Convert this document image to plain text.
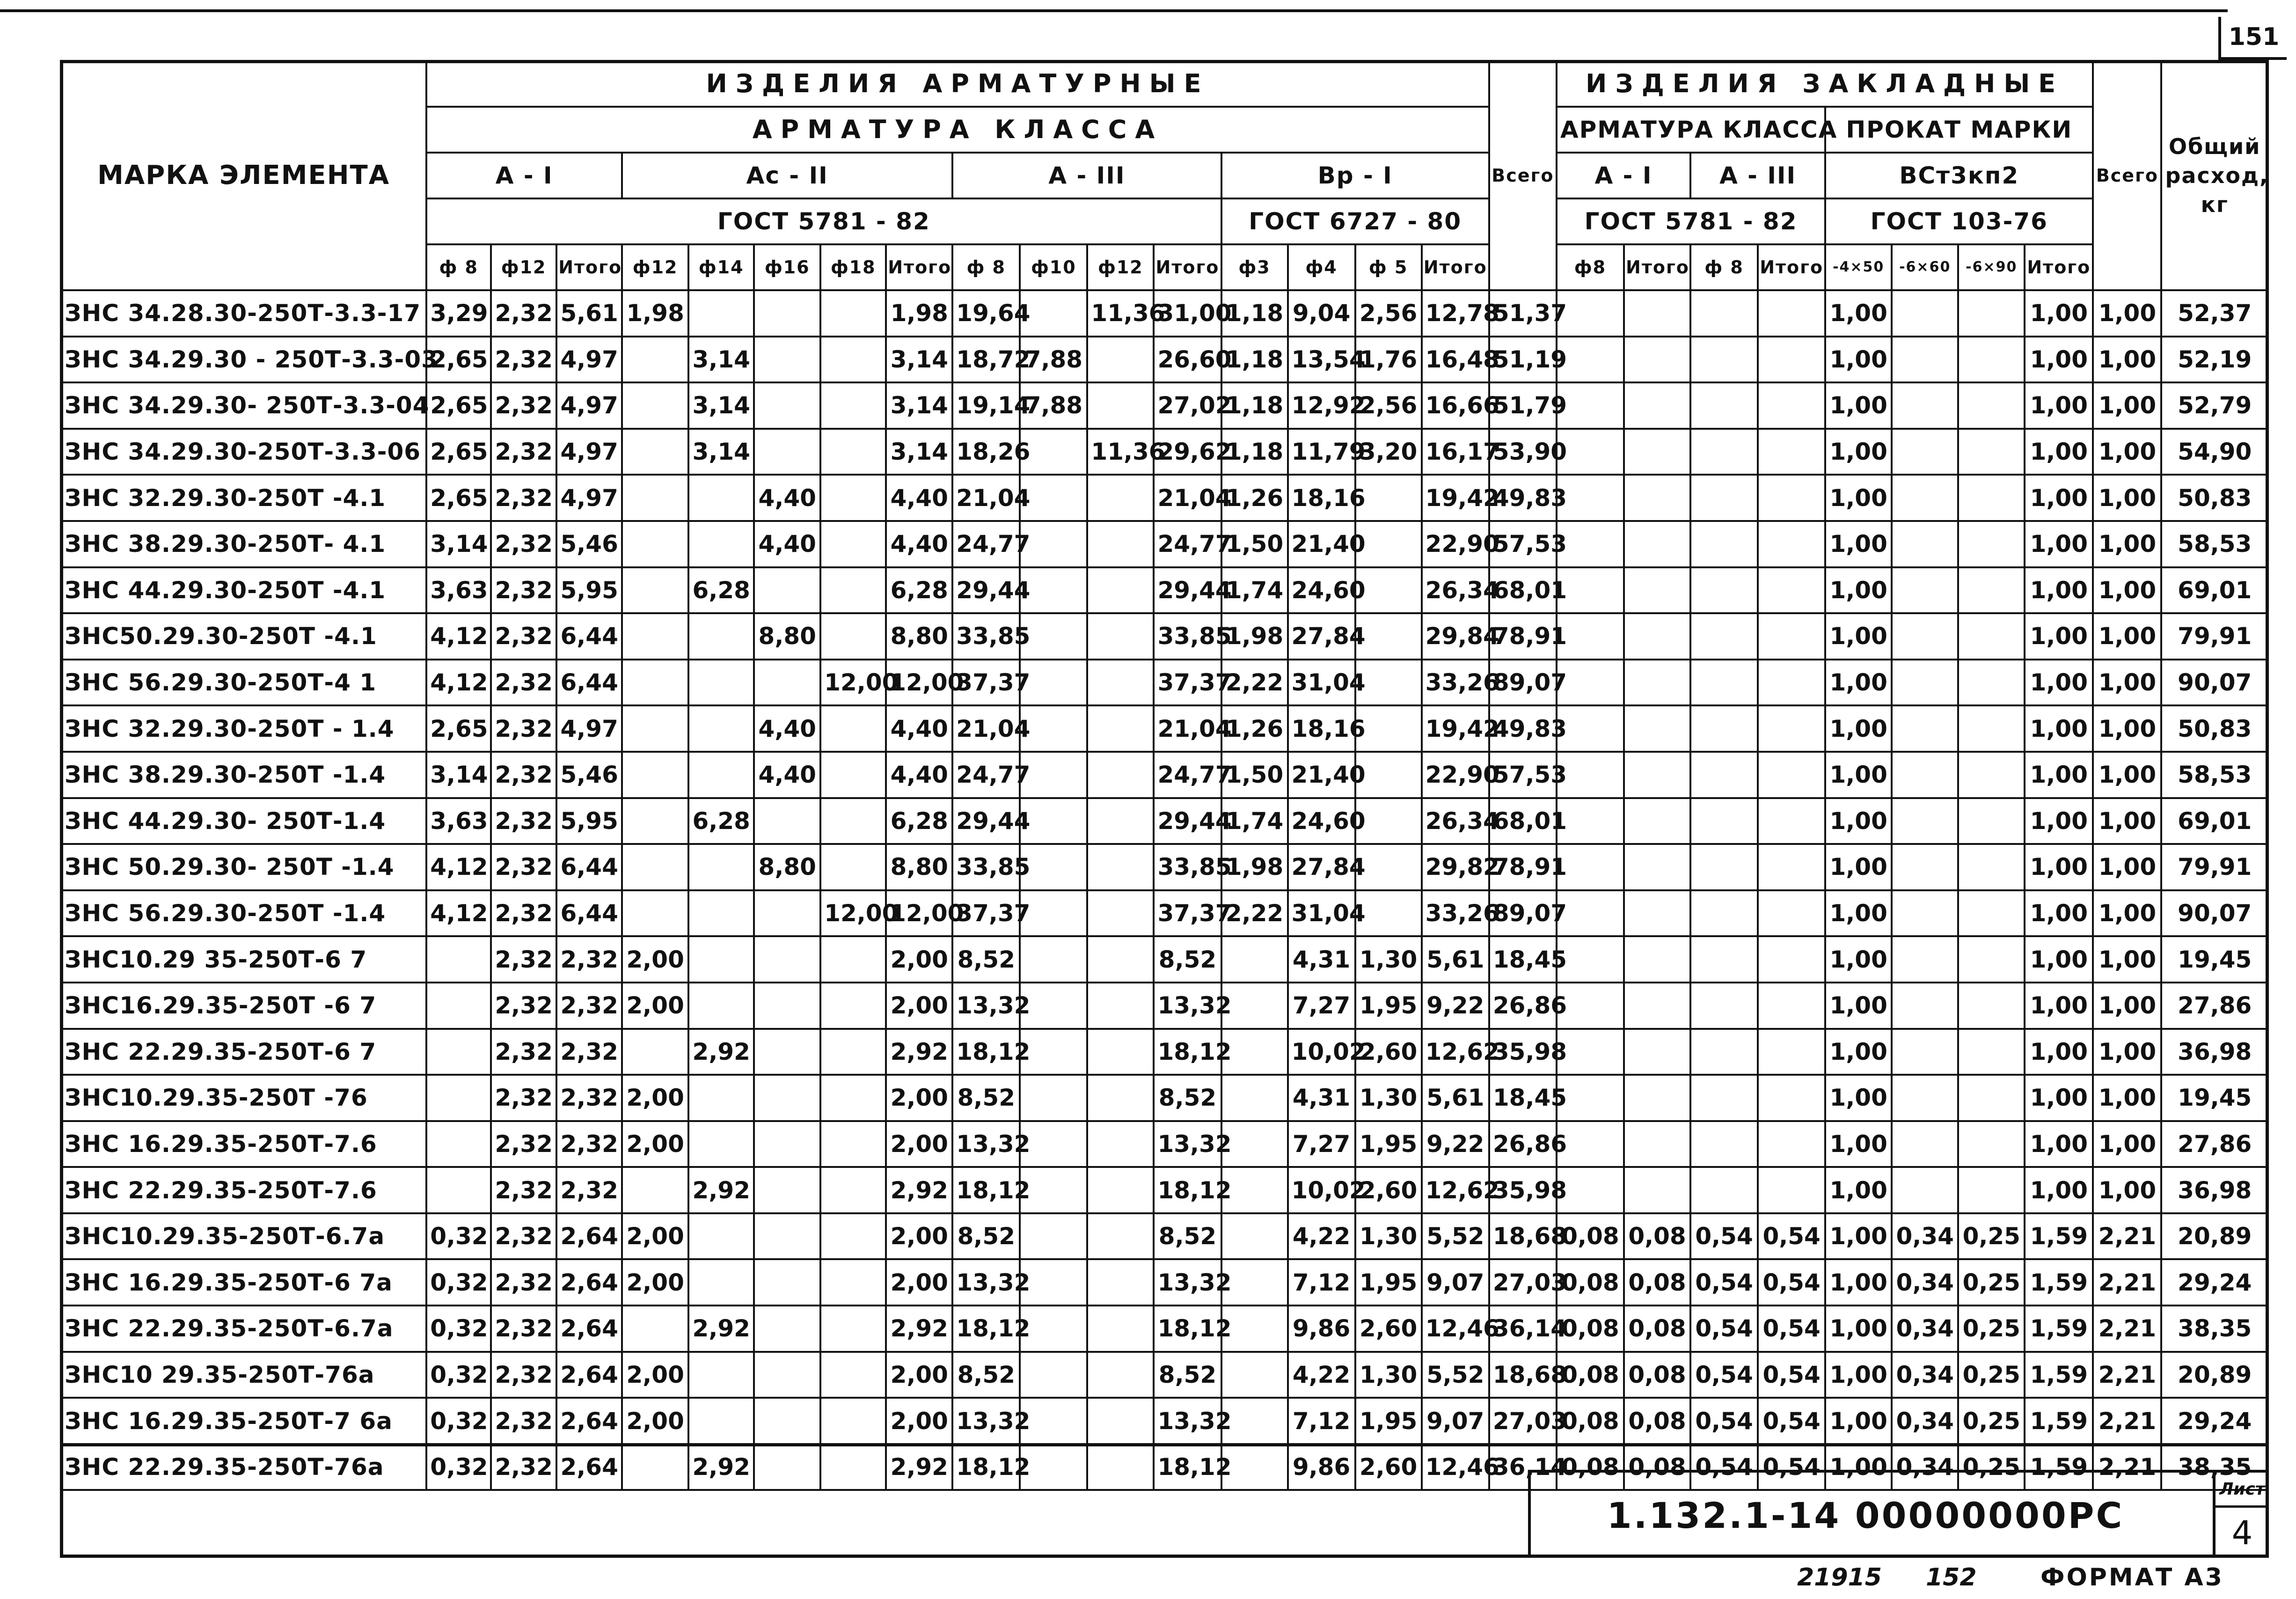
151
МАРКА ЭЛЕМЕНТА	ИЗДЕЛИЯ АРМАТУРНЫЕ																Всего	ИЗДЕЛИЯ ЗАКЛАДНЫЕ								Всего	Общий расход, кг
	АРМАТУРА КЛАССА																	АРМАТУРА КЛАССА				ПРОКАТ МАРКИ					
	А - I			Ас - II					А - III				Вр - I					А - I		А - III		ВСт3кп2					
	ГОСТ 5781 - 82												ГОСТ 6727 - 80					ГОСТ 5781 - 82				ГОСТ 103-76					
	ф 8	ф12	Итого	ф12	ф14	ф16	ф18	Итого	ф 8	ф10	ф12	Итого	ф3	ф4	ф 5	Итого		ф8	Итого	ф 8	Итого	-4×50	-6×60	-6×90	Итого		
ЗНС 34.28.30-250Т-3.3-17	3,29	2,32	5,61	1,98				1,98	19,64		11,36	31,00	1,18	9,04	2,56	12,78	51,37					1,00			1,00	1,00	52,37
ЗНС 34.29.30 - 250Т-3.3-03	2,65	2,32	4,97		3,14			3,14	18,72	7,88		26,60	1,18	13,54	1,76	16,48	51,19					1,00			1,00	1,00	52,19
ЗНС 34.29.30- 250Т-3.3-04	2,65	2,32	4,97		3,14			3,14	19,14	7,88		27,02	1,18	12,92	2,56	16,66	51,79					1,00			1,00	1,00	52,79
ЗНС 34.29.30-250Т-3.3-06	2,65	2,32	4,97		3,14			3,14	18,26		11,36	29,62	1,18	11,79	3,20	16,17	53,90					1,00			1,00	1,00	54,90
ЗНС 32.29.30-250Т -4.1	2,65	2,32	4,97			4,40		4,40	21,04			21,04	1,26	18,16		19,42	49,83					1,00			1,00	1,00	50,83
ЗНС 38.29.30-250Т- 4.1	3,14	2,32	5,46			4,40		4,40	24,77			24,77	1,50	21,40		22,90	57,53					1,00			1,00	1,00	58,53
ЗНС 44.29.30-250Т -4.1	3,63	2,32	5,95		6,28			6,28	29,44			29,44	1,74	24,60		26,34	68,01					1,00			1,00	1,00	69,01
ЗНС50.29.30-250Т -4.1	4,12	2,32	6,44			8,80		8,80	33,85			33,85	1,98	27,84		29,84	78,91					1,00			1,00	1,00	79,91
ЗНС 56.29.30-250Т-4 1	4,12	2,32	6,44				12,00	12,00	37,37			37,37	2,22	31,04		33,26	89,07					1,00			1,00	1,00	90,07
ЗНС 32.29.30-250Т - 1.4	2,65	2,32	4,97			4,40		4,40	21,04			21,04	1,26	18,16		19,42	49,83					1,00			1,00	1,00	50,83
ЗНС 38.29.30-250Т -1.4	3,14	2,32	5,46			4,40		4,40	24,77			24,77	1,50	21,40		22,90	57,53					1,00			1,00	1,00	58,53
ЗНС 44.29.30- 250Т-1.4	3,63	2,32	5,95		6,28			6,28	29,44			29,44	1,74	24,60		26,34	68,01					1,00			1,00	1,00	69,01
ЗНС 50.29.30- 250Т -1.4	4,12	2,32	6,44			8,80		8,80	33,85			33,85	1,98	27,84		29,82	78,91					1,00			1,00	1,00	79,91
ЗНС 56.29.30-250Т -1.4	4,12	2,32	6,44				12,00	12,00	37,37			37,37	2,22	31,04		33,26	89,07					1,00			1,00	1,00	90,07
ЗНС10.29 35-250Т-6 7		2,32	2,32	2,00				2,00	8,52			8,52		4,31	1,30	5,61	18,45					1,00			1,00	1,00	19,45
ЗНС16.29.35-250Т -6 7		2,32	2,32	2,00				2,00	13,32			13,32		7,27	1,95	9,22	26,86					1,00			1,00	1,00	27,86
ЗНС 22.29.35-250Т-6 7		2,32	2,32		2,92			2,92	18,12			18,12		10,02	2,60	12,62	35,98					1,00			1,00	1,00	36,98
ЗНС10.29.35-250Т -76		2,32	2,32	2,00				2,00	8,52			8,52		4,31	1,30	5,61	18,45					1,00			1,00	1,00	19,45
ЗНС 16.29.35-250Т-7.6		2,32	2,32	2,00				2,00	13,32			13,32		7,27	1,95	9,22	26,86					1,00			1,00	1,00	27,86
ЗНС 22.29.35-250Т-7.6		2,32	2,32		2,92			2,92	18,12			18,12		10,02	2,60	12,62	35,98					1,00			1,00	1,00	36,98
ЗНС10.29.35-250Т-6.7а	0,32	2,32	2,64	2,00				2,00	8,52			8,52		4,22	1,30	5,52	18,68	0,08	0,08	0,54	0,54	1,00	0,34	0,25	1,59	2,21	20,89
ЗНС 16.29.35-250Т-6 7а	0,32	2,32	2,64	2,00				2,00	13,32			13,32		7,12	1,95	9,07	27,03	0,08	0,08	0,54	0,54	1,00	0,34	0,25	1,59	2,21	29,24
ЗНС 22.29.35-250Т-6.7а	0,32	2,32	2,64		2,92			2,92	18,12			18,12		9,86	2,60	12,46	36,14	0,08	0,08	0,54	0,54	1,00	0,34	0,25	1,59	2,21	38,35
ЗНС10 29.35-250Т-76а	0,32	2,32	2,64	2,00				2,00	8,52			8,52		4,22	1,30	5,52	18,68	0,08	0,08	0,54	0,54	1,00	0,34	0,25	1,59	2,21	20,89
ЗНС 16.29.35-250Т-7 6а	0,32	2,32	2,64	2,00				2,00	13,32			13,32		7,12	1,95	9,07	27,03	0,08	0,08	0,54	0,54	1,00	0,34	0,25	1,59	2,21	29,24
ЗНС 22.29.35-250Т-76а	0,32	2,32	2,64		2,92			2,92	18,12			18,12		9,86	2,60	12,46	36,14	0,08	0,08	0,54	0,54	1,00	0,34	0,25	1,59	2,21	38,35
1.132.1-14 00000000РС
Лист
4
21915 152	ФОРМАТ А3
